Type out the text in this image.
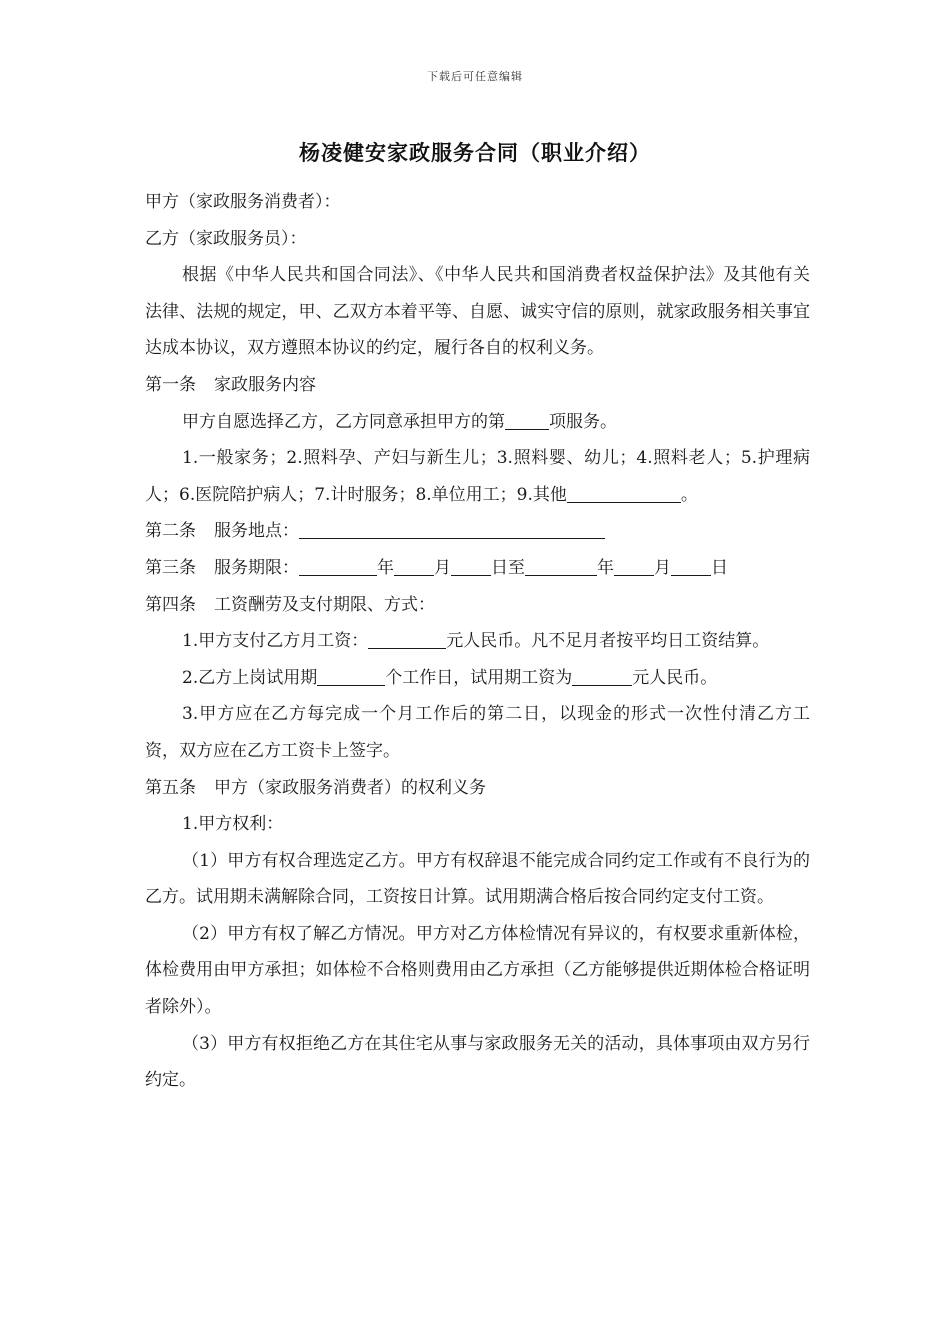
下载后可任意编辑
杨凌健安家政服务合同（职业介绍）

甲方（家政服务消费者）：

乙方（家政服务员）：

根据《中华人民共和国合同法》、《中华人民共和国消费者权益保护法》及其他有关法律、法规的规定，甲、乙双方本着平等、自愿、诚实守信的原则，就家政服务相关事宜达成本协议，双方遵照本协议的约定，履行各自的权利义务。

第一条 家政服务内容

甲方自愿选择乙方，乙方同意承担甲方的第	项服务。

1.一般家务；2.照料孕、产妇与新生儿；3.照料婴、幼儿；4.照料老人；5.护理病人；6.医院陪护病人；7.计时服务；8.单位用工；9.其他	。

第二条 服务地点：

第三条 服务期限：	年 月 日至	年 月 日

第四条 工资酬劳及支付期限、方式：

1.甲方支付乙方月工资：	元人民币。凡不足月者按平均日工资结算。

2.乙方上岗试用期	个工作日，试用期工资为	元人民币。

3.甲方应在乙方每完成一个月工作后的第二日，以现金的形式一次性付清乙方工资，双方应在乙方工资卡上签字。

第五条 甲方（家政服务消费者）的权利义务

1.甲方权利：

（1）甲方有权合理选定乙方。甲方有权辞退不能完成合同约定工作或有不良行为的乙方。试用期未满解除合同，工资按日计算。试用期满合格后按合同约定支付工资。

（2）甲方有权了解乙方情况。甲方对乙方体检情况有异议的，有权要求重新体检，体检费用由甲方承担；如体检不合格则费用由乙方承担（乙方能够提供近期体检合格证明者除外）。

（3）甲方有权拒绝乙方在其住宅从事与家政服务无关的活动，具体事项由双方另行约定。
